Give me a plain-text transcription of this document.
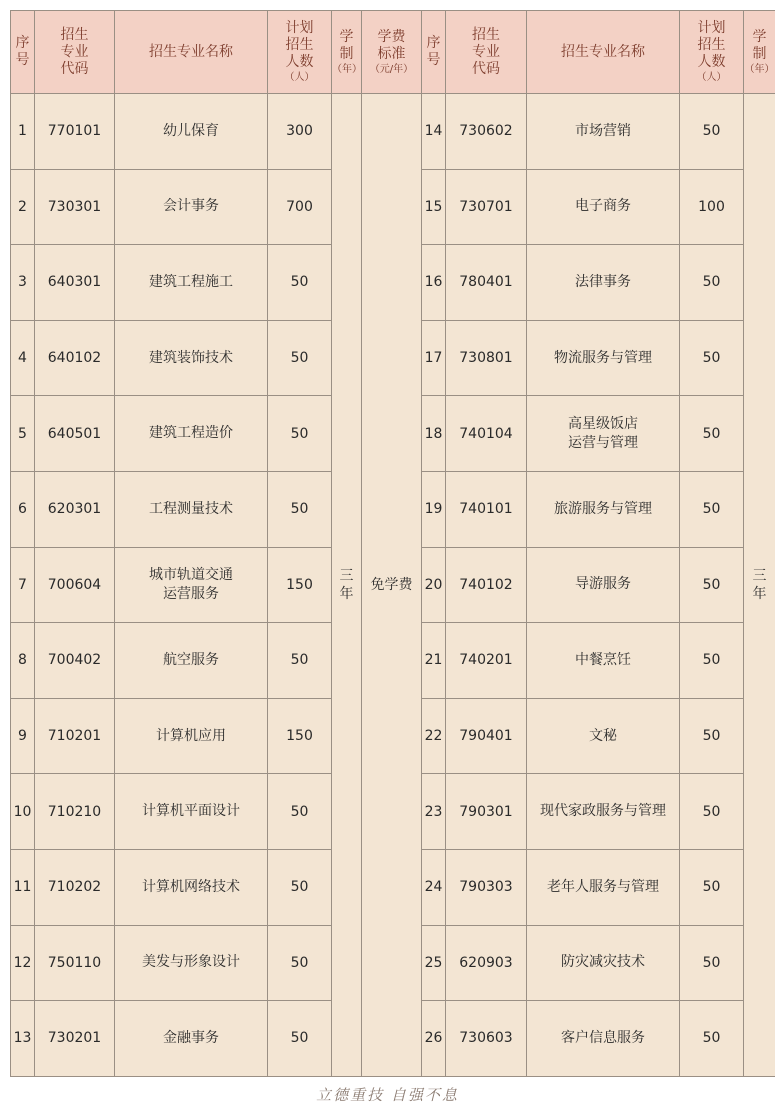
序
号	招生
专业
代码	招生专业名称	计划
招生
人数
（人）	学
制
（年）	学费
标准
（元/年）	序
号	招生
专业
代码	招生专业名称	计划
招生
人数
（人）	学
制
（年）

1	770101	幼儿保育	300	三
年	免学费	14	730602	市场营销	50	三
年

2	730301	会计事务	700			15	730701	电子商务	100	
3	640301	建筑工程施工	50			16	780401	法律事务	50	
4	640102	建筑装饰技术	50			17	730801	物流服务与管理	50	
5	640501	建筑工程造价	50			18	740104	高星级饭店
运营与管理	50	
6	620301	工程测量技术	50			19	740101	旅游服务与管理	50	
7	700604	城市轨道交通
运营服务	150			20	740102	导游服务	50	
8	700402	航空服务	50			21	740201	中餐烹饪	50	
9	710201	计算机应用	150			22	790401	文秘	50	
10	710210	计算机平面设计	50			23	790301	现代家政服务与管理	50	
11	710202	计算机网络技术	50			24	790303	老年人服务与管理	50	
12	750110	美发与形象设计	50			25	620903	防灾减灾技术	50	
13	730201	金融事务	50			26	730603	客户信息服务	50	
立德重技 自强不息
